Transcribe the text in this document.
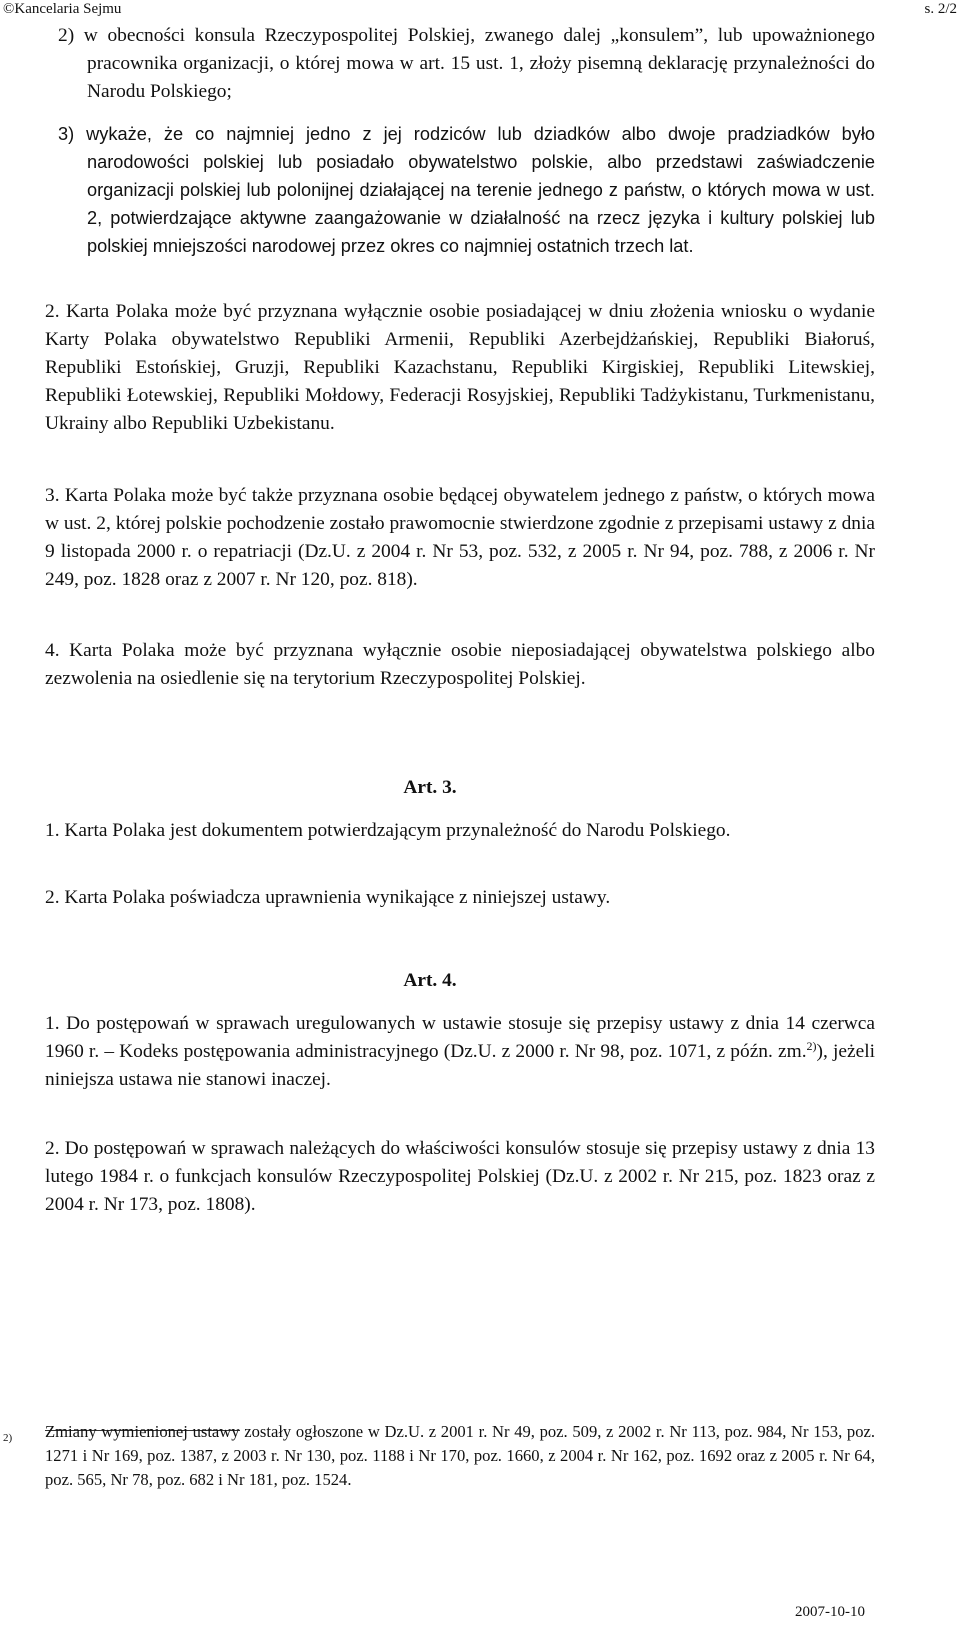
©Kancelaria Sejmu	s. 2/2
2) w obecności konsula Rzeczypospolitej Polskiej, zwanego dalej „konsulem”, lub upoważnionego pracownika organizacji, o której mowa w art. 15 ust. 1, złoży pisemną deklarację przynależności do Narodu Polskiego;
3) wykaże, że co najmniej jedno z jej rodziców lub dziadków albo dwoje pradziadków było narodowości polskiej lub posiadało obywatelstwo polskie, albo przedstawi zaświadczenie organizacji polskiej lub polonijnej działającej na terenie jednego z państw, o których mowa w ust. 2, potwierdzające aktywne zaangażowanie w działalność na rzecz języka i kultury polskiej lub polskiej mniejszości narodowej przez okres co najmniej ostatnich trzech lat.
2. Karta Polaka może być przyznana wyłącznie osobie posiadającej w dniu złożenia wniosku o wydanie Karty Polaka obywatelstwo Republiki Armenii, Republiki Azerbejdżańskiej, Republiki Białoruś, Republiki Estońskiej, Gruzji, Republiki Kazachstanu, Republiki Kirgiskiej, Republiki Litewskiej, Republiki Łotewskiej, Republiki Mołdowy, Federacji Rosyjskiej, Republiki Tadżykistanu, Turkmenistanu, Ukrainy albo Republiki Uzbekistanu.
3. Karta Polaka może być także przyznana osobie będącej obywatelem jednego z państw, o których mowa w ust. 2, której polskie pochodzenie zostało prawomocnie stwierdzone zgodnie z przepisami ustawy z dnia 9 listopada 2000 r. o repatriacji (Dz.U. z 2004 r. Nr 53, poz. 532, z 2005 r. Nr 94, poz. 788, z 2006 r. Nr 249, poz. 1828 oraz z 2007 r. Nr 120, poz. 818).
4. Karta Polaka może być przyznana wyłącznie osobie nieposiadającej obywatelstwa polskiego albo zezwolenia na osiedlenie się na terytorium Rzeczypospolitej Polskiej.
Art. 3.
1. Karta Polaka jest dokumentem potwierdzającym przynależność do Narodu Polskiego.
2. Karta Polaka poświadcza uprawnienia wynikające z niniejszej ustawy.
Art. 4.
1. Do postępowań w sprawach uregulowanych w ustawie stosuje się przepisy ustawy z dnia 14 czerwca 1960 r. – Kodeks postępowania administracyjnego (Dz.U. z 2000 r. Nr 98, poz. 1071, z późn. zm.$^{2)}$), jeżeli niniejsza ustawa nie stanowi inaczej.
2. Do postępowań w sprawach należących do właściwości konsulów stosuje się przepisy ustawy z dnia 13 lutego 1984 r. o funkcjach konsulów Rzeczypospolitej Polskiej (Dz.U. z 2002 r. Nr 215, poz. 1823 oraz z 2004 r. Nr 173, poz. 1808).
2) Zmiany wymienionej ustawy zostały ogłoszone w Dz.U. z 2001 r. Nr 49, poz. 509, z 2002 r. Nr 113, poz. 984, Nr 153, poz. 1271 i Nr 169, poz. 1387, z 2003 r. Nr 130, poz. 1188 i Nr 170, poz. 1660, z 2004 r. Nr 162, poz. 1692 oraz z 2005 r. Nr 64, poz. 565, Nr 78, poz. 682 i Nr 181, poz. 1524.
2007-10-10
